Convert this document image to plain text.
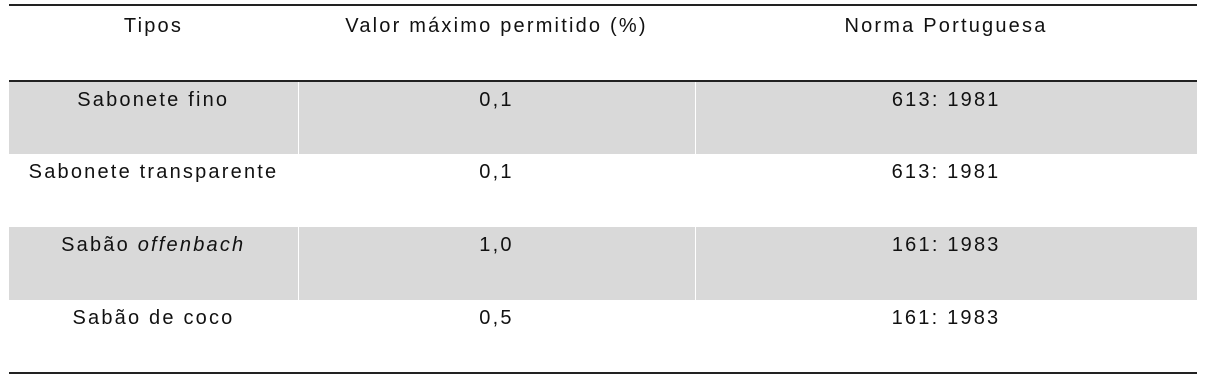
Tipos	Valor máximo permitido (%)	Norma Portuguesa
Sabonete fino	0,1	613: 1981
Sabonete transparente	0,1	613: 1981
Sabão offenbach	1,0	161: 1983
Sabão de coco	0,5	161: 1983
